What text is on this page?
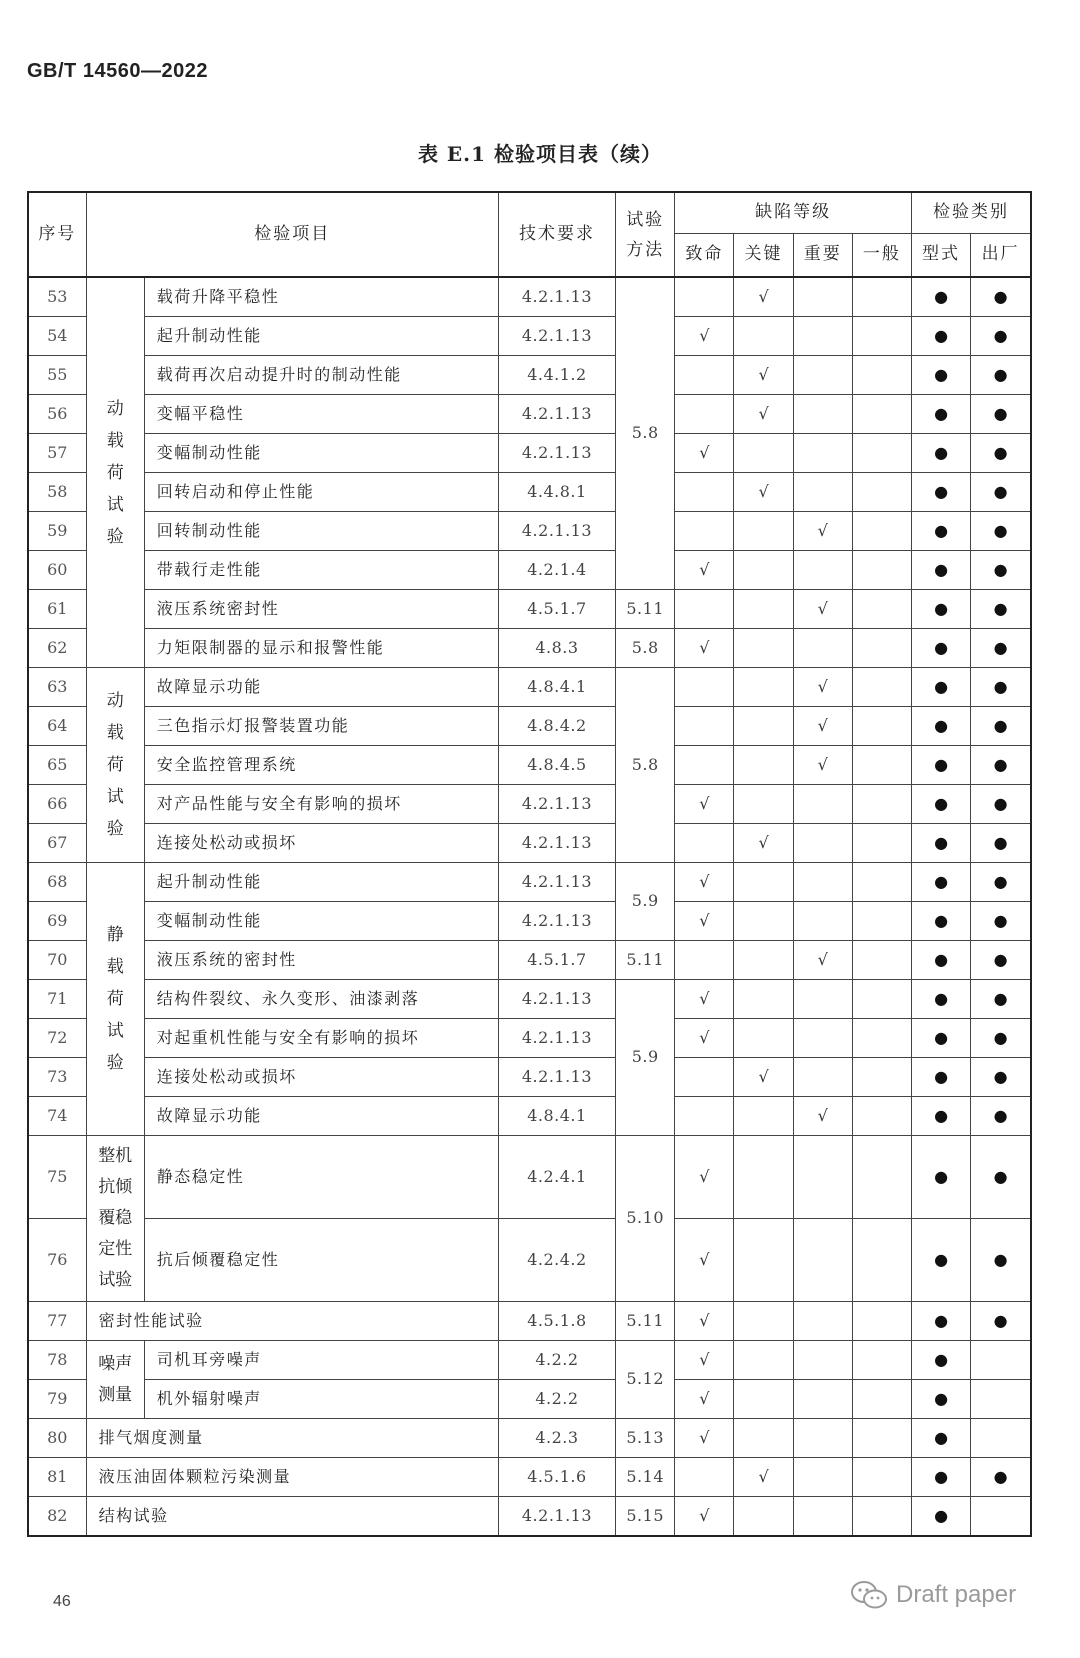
GB/T 14560—2022
表 E.1 检验项目表（续）
序号	检验项目		技术要求	试验方法	缺陷等级				检验类别	
					致命	关键	重要	一般	型式	出厂
53	动载荷试验	载荷升降平稳性	4.2.1.13	5.8		√			●	●
54		起升制动性能	4.2.1.13		√				●	●
55		载荷再次启动提升时的制动性能	4.4.1.2			√			●	●
56		变幅平稳性	4.2.1.13			√			●	●
57		变幅制动性能	4.2.1.13		√				●	●
58		回转启动和停止性能	4.4.8.1			√			●	●
59		回转制动性能	4.2.1.13				√		●	●
60		带载行走性能	4.2.1.4		√				●	●
61		液压系统密封性	4.5.1.7	5.11			√		●	●
62		力矩限制器的显示和报警性能	4.8.3	5.8	√				●	●
63	动载荷试验	故障显示功能	4.8.4.1	5.8			√		●	●
64		三色指示灯报警装置功能	4.8.4.2				√		●	●
65		安全监控管理系统	4.8.4.5				√		●	●
66		对产品性能与安全有影响的损坏	4.2.1.13		√				●	●
67		连接处松动或损坏	4.2.1.13			√			●	●
68	静载荷试验	起升制动性能	4.2.1.13	5.9	√				●	●
69		变幅制动性能	4.2.1.13		√				●	●
70		液压系统的密封性	4.5.1.7	5.11			√		●	●
71		结构件裂纹、永久变形、油漆剥落	4.2.1.13	5.9	√				●	●
72		对起重机性能与安全有影响的损坏	4.2.1.13		√				●	●
73		连接处松动或损坏	4.2.1.13			√			●	●
74		故障显示功能	4.8.4.1				√		●	●
75	整机抗倾覆稳定性试验	静态稳定性	4.2.4.1	5.10	√				●	●
76		抗后倾覆稳定性	4.2.4.2		√				●	●
77	密封性能试验		4.5.1.8	5.11	√				●	●
78	噪声测量	司机耳旁噪声	4.2.2	5.12	√				●	
79		机外辐射噪声	4.2.2		√				●	
80	排气烟度测量		4.2.3	5.13	√				●	
81	液压油固体颗粒污染测量		4.5.1.6	5.14		√			●	●
82	结构试验		4.2.1.13	5.15	√				●	
46	Draft paper
